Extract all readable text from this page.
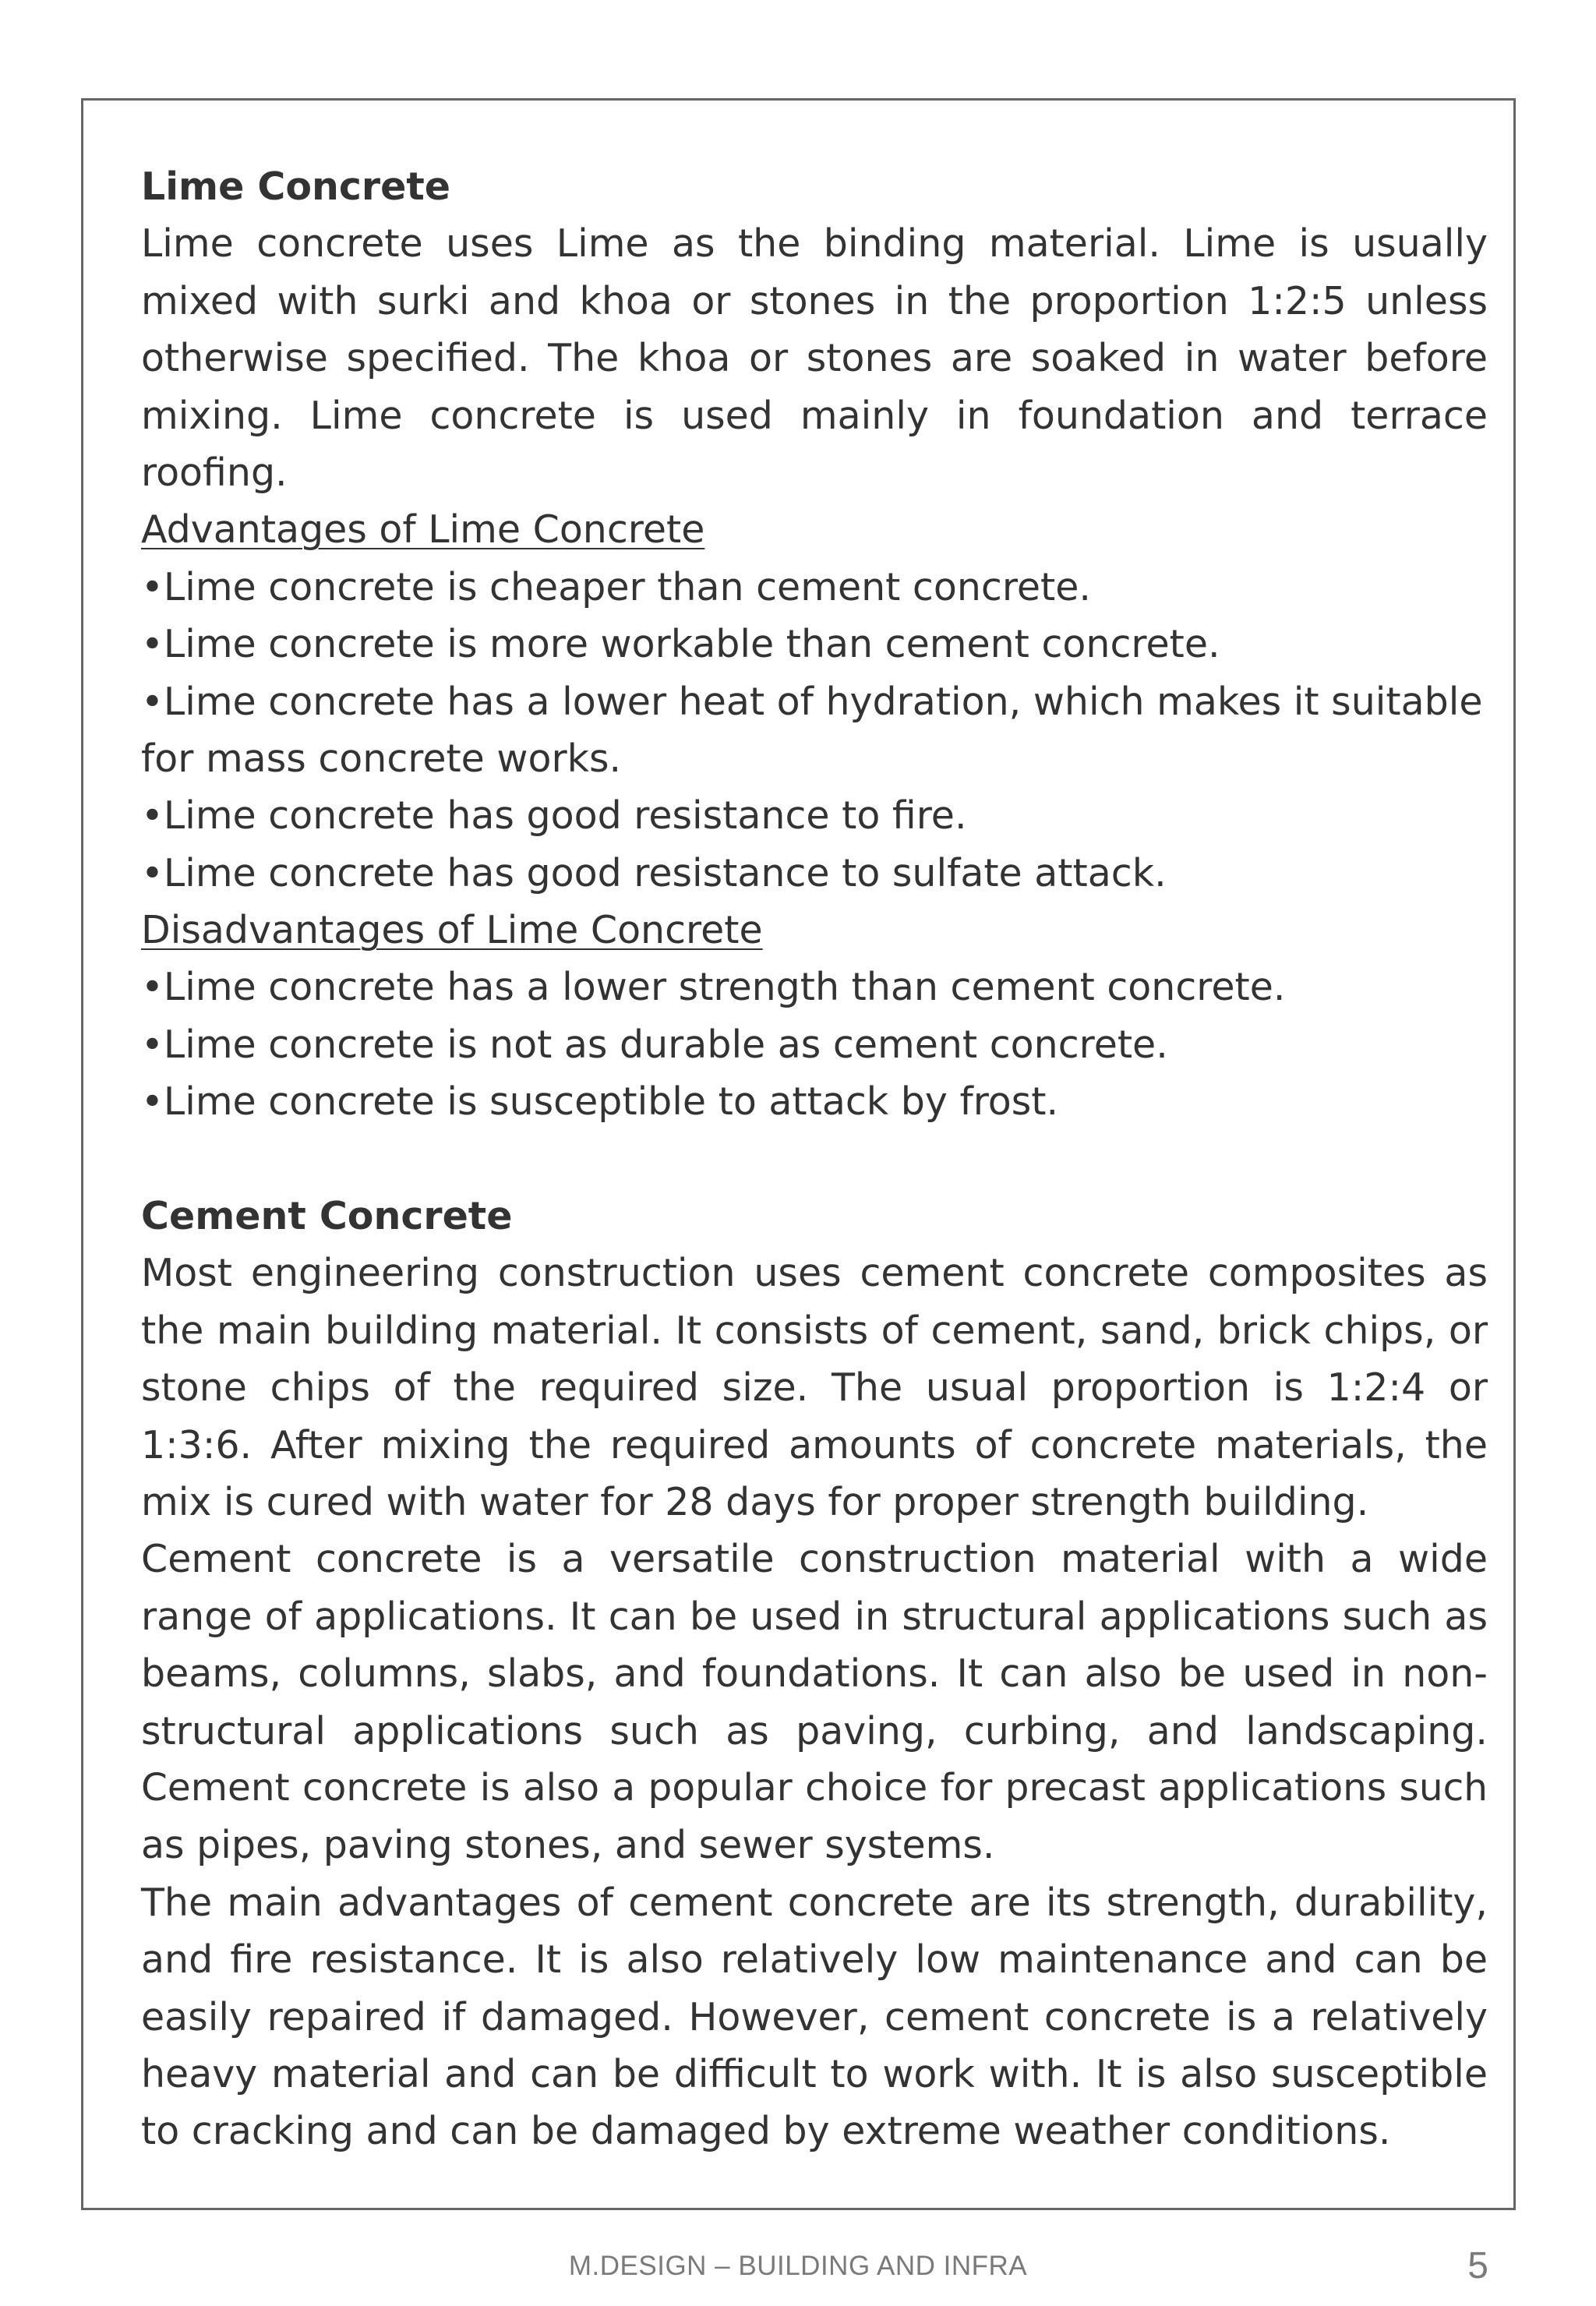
Lime Concrete
Lime concrete uses Lime as the binding material. Lime is usually
mixed with surki and khoa or stones in the proportion 1:2:5 unless
otherwise specified. The khoa or stones are soaked in water before
mixing. Lime concrete is used mainly in foundation and terrace
roofing.
Advantages of Lime Concrete
•Lime concrete is cheaper than cement concrete.
•Lime concrete is more workable than cement concrete.
•Lime concrete has a lower heat of hydration, which makes it suitable
for mass concrete works.
•Lime concrete has good resistance to fire.
•Lime concrete has good resistance to sulfate attack.
Disadvantages of Lime Concrete
•Lime concrete has a lower strength than cement concrete.
•Lime concrete is not as durable as cement concrete.
•Lime concrete is susceptible to attack by frost.
Cement Concrete
Most engineering construction uses cement concrete composites as
the main building material. It consists of cement, sand, brick chips, or
stone chips of the required size. The usual proportion is 1:2:4 or
1:3:6. After mixing the required amounts of concrete materials, the
mix is cured with water for 28 days for proper strength building.
Cement concrete is a versatile construction material with a wide
range of applications. It can be used in structural applications such as
beams, columns, slabs, and foundations. It can also be used in non-
structural applications such as paving, curbing, and landscaping.
Cement concrete is also a popular choice for precast applications such
as pipes, paving stones, and sewer systems.
The main advantages of cement concrete are its strength, durability,
and fire resistance. It is also relatively low maintenance and can be
easily repaired if damaged. However, cement concrete is a relatively
heavy material and can be difficult to work with. It is also susceptible
to cracking and can be damaged by extreme weather conditions.
M.DESIGN – BUILDING AND INFRA	5
